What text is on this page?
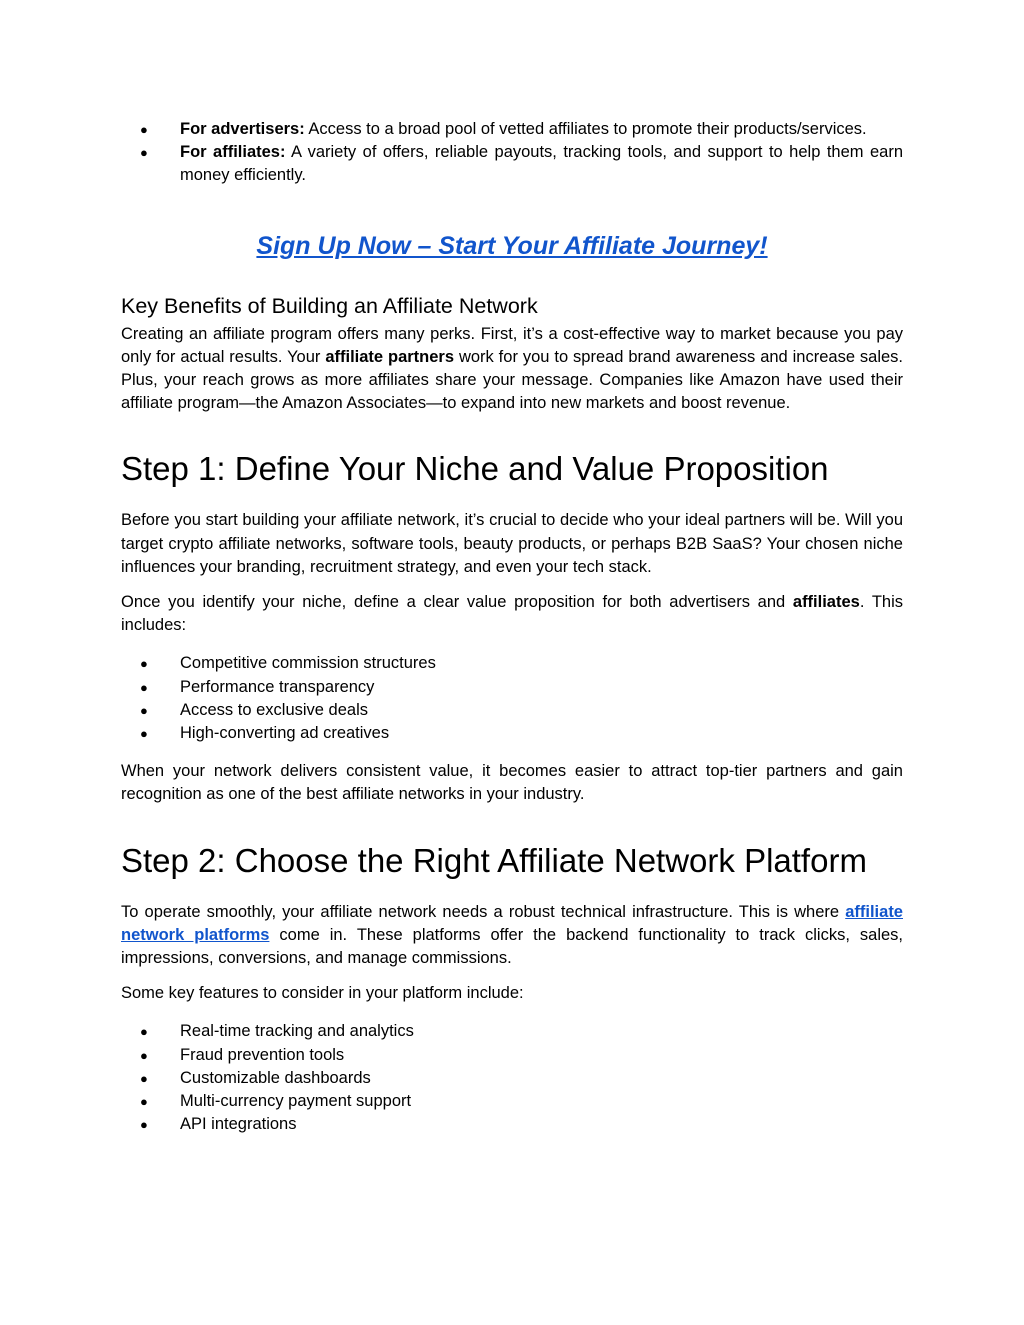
● For advertisers: Access to a broad pool of vetted affiliates to promote their products/services.
● For affiliates: A variety of offers, reliable payouts, tracking tools, and support to help them earn money efficiently.
Sign Up Now – Start Your Affiliate Journey!
Key Benefits of Building an Affiliate Network

Creating an affiliate program offers many perks. First, it’s a cost-effective way to market because you pay only for actual results. Your affiliate partners work for you to spread brand awareness and increase sales. Plus, your reach grows as more affiliates share your message. Companies like Amazon have used their affiliate program—the Amazon Associates—to expand into new markets and boost revenue.

Step 1: Define Your Niche and Value Proposition

Before you start building your affiliate network, it’s crucial to decide who your ideal partners will be. Will you target crypto affiliate networks, software tools, beauty products, or perhaps B2B SaaS? Your chosen niche influences your branding, recruitment strategy, and even your tech stack.

Once you identify your niche, define a clear value proposition for both advertisers and affiliates. This includes:

● Competitive commission structures
● Performance transparency
● Access to exclusive deals
● High-converting ad creatives

When your network delivers consistent value, it becomes easier to attract top-tier partners and gain recognition as one of the best affiliate networks in your industry.

Step 2: Choose the Right Affiliate Network Platform

To operate smoothly, your affiliate network needs a robust technical infrastructure. This is where affiliate network platforms come in. These platforms offer the backend functionality to track clicks, sales, impressions, conversions, and manage commissions.

Some key features to consider in your platform include:

● Real-time tracking and analytics
● Fraud prevention tools
● Customizable dashboards
● Multi-currency payment support
● API integrations
